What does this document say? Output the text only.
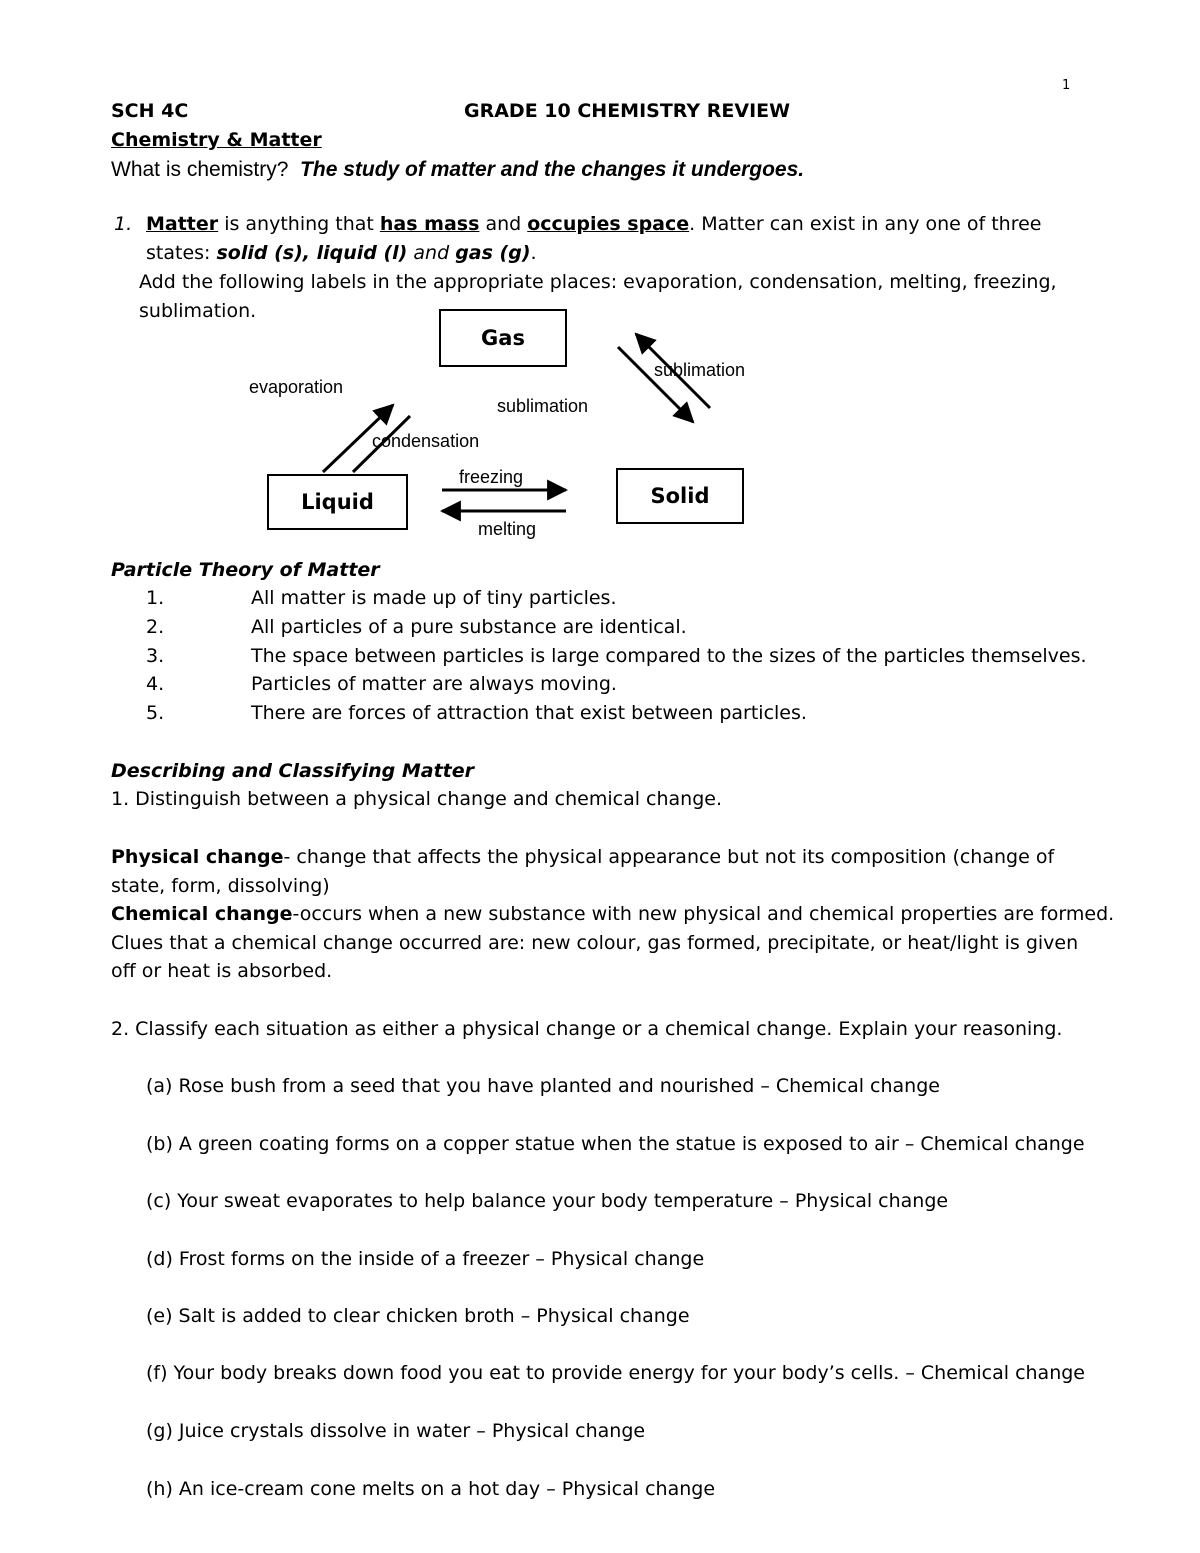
1
SCH 4C	GRADE 10 CHEMISTRY REVIEW
Chemistry & Matter
What is chemistry? The study of matter and the changes it undergoes.
1. Matter is anything that has mass and occupies space. Matter can exist in any one of three
states: solid (s), liquid (l) and gas (g).
Add the following labels in the appropriate places: evaporation, condensation, melting, freezing,
sublimation.
Gas
Liquid	Solid
evaporation
condensation
sublimation
sublimation
freezing
melting
Particle Theory of Matter
1.	All matter is made up of tiny particles.
2.	All particles of a pure substance are identical.
3.	The space between particles is large compared to the sizes of the particles themselves.
4.	Particles of matter are always moving.
5.	There are forces of attraction that exist between particles.
Describing and Classifying Matter
1. Distinguish between a physical change and chemical change.
Physical change- change that affects the physical appearance but not its composition (change of
state, form, dissolving)
Chemical change-occurs when a new substance with new physical and chemical properties are formed.
Clues that a chemical change occurred are: new colour, gas formed, precipitate, or heat/light is given
off or heat is absorbed.
2. Classify each situation as either a physical change or a chemical change. Explain your reasoning.
(a) Rose bush from a seed that you have planted and nourished – Chemical change
(b) A green coating forms on a copper statue when the statue is exposed to air – Chemical change
(c) Your sweat evaporates to help balance your body temperature – Physical change
(d) Frost forms on the inside of a freezer – Physical change
(e) Salt is added to clear chicken broth – Physical change
(f) Your body breaks down food you eat to provide energy for your body’s cells. – Chemical change
(g) Juice crystals dissolve in water – Physical change
(h) An ice-cream cone melts on a hot day – Physical change
